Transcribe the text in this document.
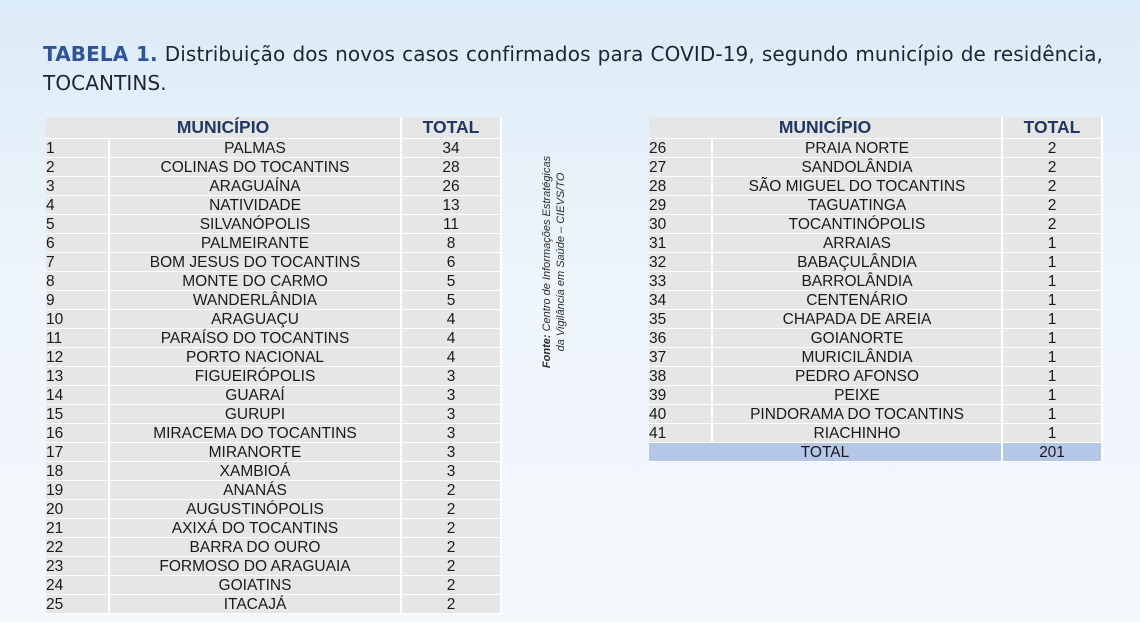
TABELA 1. Distribuição dos novos casos confirmados para COVID-19, segundo município de residência, TOCANTINS.
MUNICÍPIO		TOTAL
1	PALMAS	34
2	COLINAS DO TOCANTINS	28
3	ARAGUAÍNA	26
4	NATIVIDADE	13
5	SILVANÓPOLIS	11
6	PALMEIRANTE	8
7	BOM JESUS DO TOCANTINS	6
8	MONTE DO CARMO	5
9	WANDERLÂNDIA	5
10	ARAGUAÇU	4
11	PARAÍSO DO TOCANTINS	4
12	PORTO NACIONAL	4
13	FIGUEIRÓPOLIS	3
14	GUARAÍ	3
15	GURUPI	3
16	MIRACEMA DO TOCANTINS	3
17	MIRANORTE	3
18	XAMBIOÁ	3
19	ANANÁS	2
20	AUGUSTINÓPOLIS	2
21	AXIXÁ DO TOCANTINS	2
22	BARRA DO OURO	2
23	FORMOSO DO ARAGUAIA	2
24	GOIATINS	2
25	ITACAJÁ	2
Fonte: Centro de Informações Estratégicas da Vigilância em Saúde – CIEVS/TO
MUNICÍPIO		TOTAL
26	PRAIA NORTE	2
27	SANDOLÂNDIA	2
28	SÃO MIGUEL DO TOCANTINS	2
29	TAGUATINGA	2
30	TOCANTINÓPOLIS	2
31	ARRAIAS	1
32	BABAÇULÂNDIA	1
33	BARROLÂNDIA	1
34	CENTENÁRIO	1
35	CHAPADA DE AREIA	1
36	GOIANORTE	1
37	MURICILÂNDIA	1
38	PEDRO AFONSO	1
39	PEIXE	1
40	PINDORAMA DO TOCANTINS	1
41	RIACHINHO	1
TOTAL		201
